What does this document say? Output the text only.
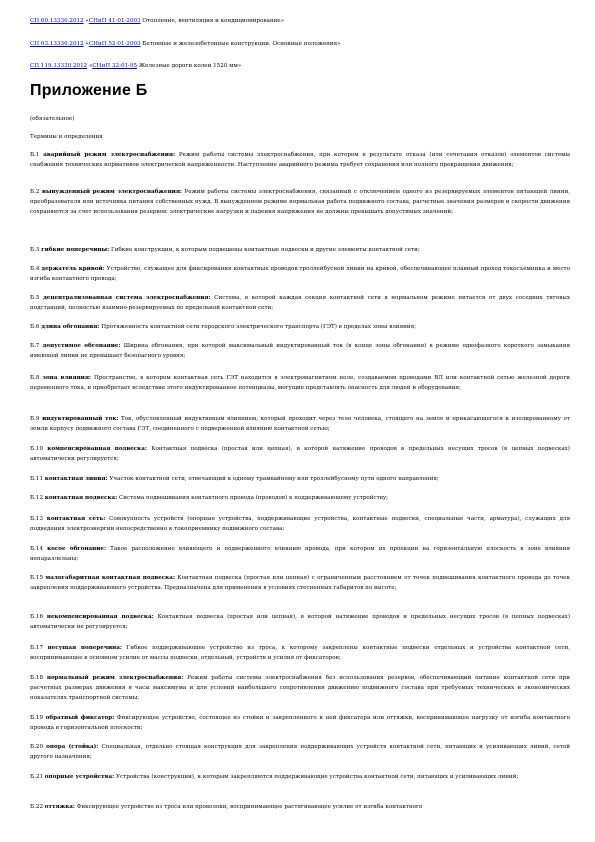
СП 60.13330.2012 «СНиП 41-01-2003 Отопление, вентиляция и кондиционирование»
СП 63.13330.2012 «СНиП 52-01-2003 Бетонные и железобетонные конструкции. Основные положения»
СП 119.13330.2012 «СНиП 32-01-95 Железные дороги колеи 1520 мм»
Приложение Б
(обязательное)
Термины и определения
Б.1 аварийный режим электроснабжения: Режим работы системы электроснабжения, при котором в результате отказа (или сочетания отказов) элементов системы снабжения технических нормативов электрической напряженности. Наступление аварийного режима требует сохранения или полного прекращения движения;
Б.2 вынужденный режим электроснабжения: Режим работы системы электроснабжения, связанный с отключением одного из резервируемых элементов питающей линии, преобразователя или источника питания собственных нужд. В вынужденном режиме нормальная работа подвижного состава, расчетные значения размеров и скорости движения сохраняются за счет использования резервов; электрические нагрузки и падения напряжения не должны превышать допустимых значений;
Б.3 гибкие поперечины: Гибкие конструкции, к которым подвешены контактные подвески и другие элементы контактной сети;
Б.4 держатель кривой: Устройство, служащее для фиксирования контактных проводов троллейбусной линии на кривой, обеспечивающее плавный проход токосъемника и место изгиба контактного провода;
Б.5 децентрализованная система электроснабжения: Система, в которой каждая секция контактной сети в нормальном режиме питается от двух соседних тяговых подстанций, полностью взаимно-резервируемых по предельной контактной сети;
Б.6 длина обгонания: Протяженность контактной сети городского электрического транспорта (ГЭТ) в пределах зоны влияния;
Б.7 допустимое обгонание: Ширина обгонания, при которой максимальный индуктированный ток (в конце зоны обгонания) в режиме однофазного короткого замыкания имеющей линии не превышает безопасного уровня;
Б.8 зона влияния: Пространство, в котором контактная сеть ГЭТ находится в электромагнитном поле, создаваемом проводами ВЛ или контактной сетью железной дороги переменного тока, и приобретает вследствие этого индуктированное потенциалы, могущие представлять опасность для людей и оборудования;
Б.9 индуктированный ток: Ток, обусловленный индуктивным влиянием, который проходит через тело человека, стоящего на земле и прикасающегося к изолированному от земли корпусу подвижного состава ГЭТ, соединенного с подверженной влиянию контактной сетью;
Б.10 компенсированная подвеска: Контактная подвеска (простая или цепная), в которой натяжение проводов в предельных несущих тросов (в цепных подвесках) автоматически регулируется;
Б.11 контактная линия: Участок контактной сети, отвечающий к одному трамвайному или троллейбусному пути одного направления;
Б.12 контактная подвеска: Система подвешивания контактного провода (проводов) к поддерживающему устройству;
Б.13 контактная сеть: Совокупность устройств (опорные устройства, поддерживающие устройства, контактные подвески, специальные части, арматура), служащих для подведения электроэнергии непосредственно к токоприемнику подвижного состава;
Б.14 косое обгонание: Такое расположение влияющего и подверженного влиянию провода, при котором их проекции на горизонтальную плоскость в зоне влияния непараллельны;
Б.15 малогабаритная контактная подвеска: Контактная подвеска (простая или цепная) с ограниченным расстоянием от точек подвешивания контактного провода до точек закрепления поддерживающего устройства. Предназначена для применения в условиях стесненных габаритов по высоте;
Б.16 некомпенсированная подвеска: Контактная подвеска (простая или цепная), в которой натяжение проводов и предельных несущих тросов (в цепных подвесках) автоматически не регулируется;
Б.17 несущая поперечина: Гибкое поддерживающее устройство из троса, к которому закреплены контактные подвески отдельных и устройства контактной сети, воспринимающее в основном усилие от массы подвески, отдельный, устройств и усилия от фиксаторов;
Б.18 нормальный режим электроснабжения: Режим работы системы электроснабжения без использования резервов, обеспечивающий питание контактной сети при расчетных размерах движения в часы максимума и для условий наибольшего сопротивления движению подвижного состава при требуемых технических и экономических показателях транспортной системы;
Б.19 обратный фиксатор: Фиксирующее устройство, состоящее из стойки и закрепленного к ней фиксатора или оттяжки, воспринимающее нагрузку от изгиба контактного провода в горизонтальной плоскости;
Б.20 опора (стойка): Специальная, отдельно стоящая конструкция для закрепления поддерживающих устройств контактной сети, питающих и усиливающих линий, сетей другого назначения;
Б.21 опорные устройства: Устройства (конструкции), к которым закрепляются поддерживающие устройства контактной сети, питающих и усиливающих линий;
Б.22 оттяжка: Фиксирующее устройство из троса или проволоки, воспринимающее растягивающее усилие от изгиба контактного
